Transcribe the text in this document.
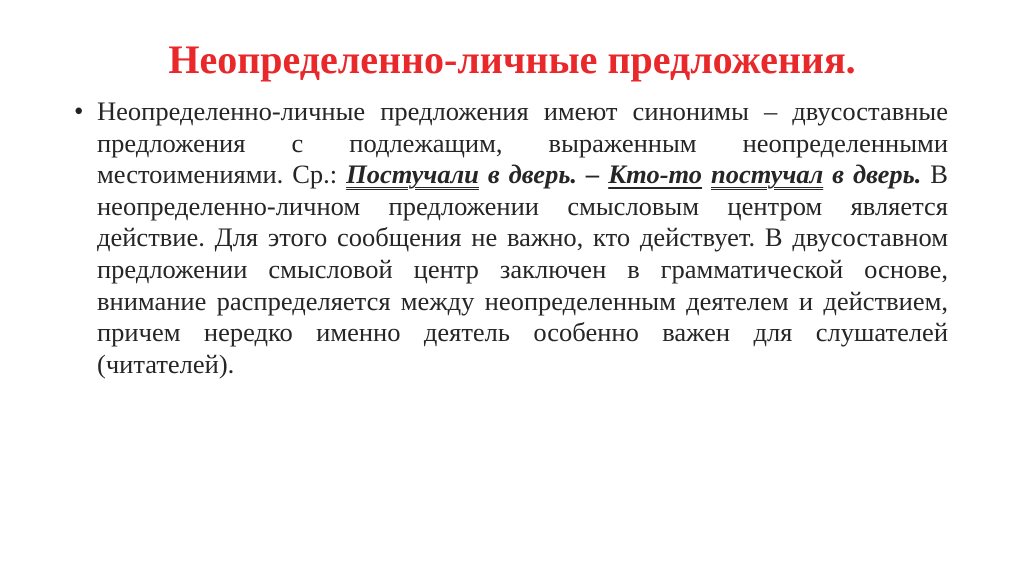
Неопределенно-личные предложения.
• Неопределенно-личные предложения имеют синонимы – двусоставные предложения с подлежащим, выраженным неопределенными местоимениями. Ср.: Постучали в дверь. – Кто-то постучал в дверь. В неопределенно-личном предложении смысловым центром является действие. Для этого сообщения не важно, кто действует. В двусоставном предложении смысловой центр заключен в грамматической основе, внимание распределяется между неопределенным деятелем и действием, причем нередко именно деятель особенно важен для слушателей (читателей).
